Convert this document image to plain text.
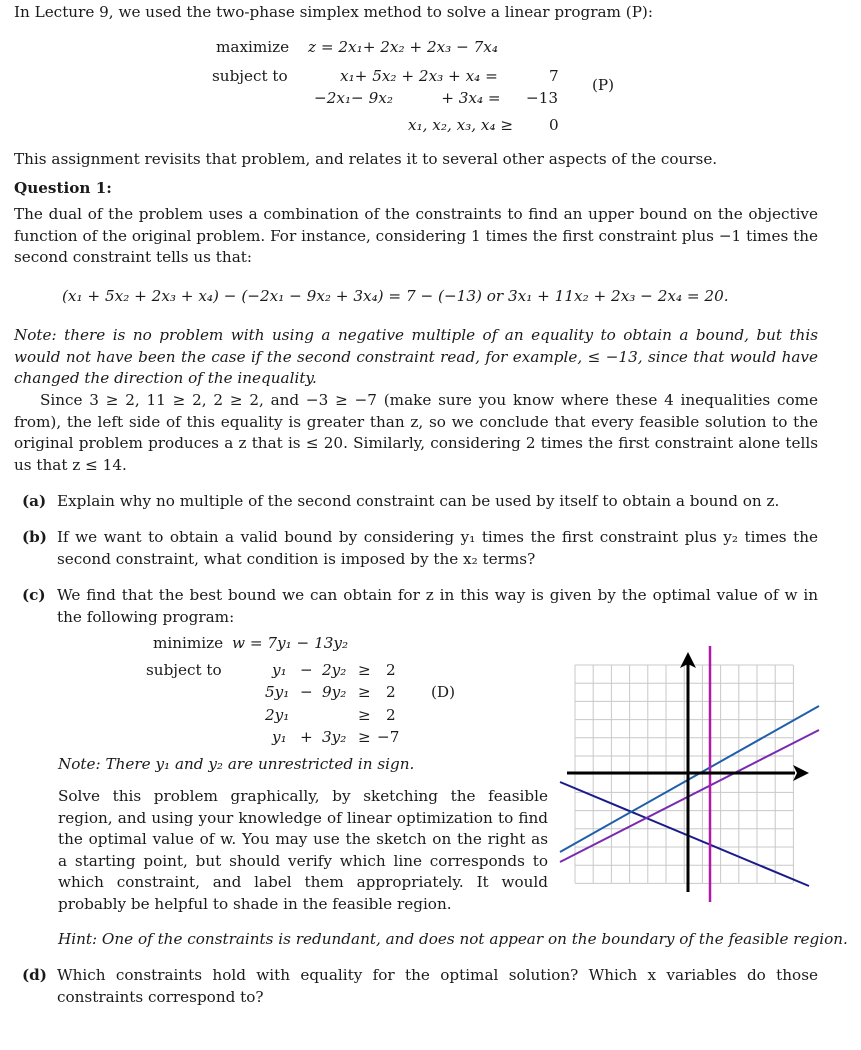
In Lecture 9, we used the two-phase simplex method to solve a linear program (P):

maximize z = 2x₁+ 2x₂ + 2x₃ − 7x₄
subject to	x₁+ 5x₂ + 2x₃ + x₄ =	7
−2x₁− 9x₂          + 3x₄ = −13
x₁, x₂, x₃, x₄ ≥ 0
(P)

This assignment revisits that problem, and relates it to several other aspects of the course.

Question 1:

The dual of the problem uses a combination of the constraints to find an upper bound on the objective function of the original problem. For instance, considering 1 times the first constraint plus −1 times the second constraint tells us that:

(x₁ + 5x₂ + 2x₃ + x₄) − (−2x₁ − 9x₂ + 3x₄) = 7 − (−13) or 3x₁ + 11x₂ + 2x₃ − 2x₄ = 20.

Note: there is no problem with using a negative multiple of an equality to obtain a bound, but this would not have been the case if the second constraint read, for example, ≤ −13, since that would have changed the direction of the inequality.

Since 3 ≥ 2, 11 ≥ 2, 2 ≥ 2, and −3 ≥ −7 (make sure you know where these 4 inequalities come from), the left side of this equality is greater than z, so we conclude that every feasible solution to the original problem produces a z that is ≤ 20. Similarly, considering 2 times the first constraint alone tells us that z ≤ 14.

(a) Explain why no multiple of the second constraint can be used by itself to obtain a bound on z.
(b) If we want to obtain a valid bound by considering y₁ times the first constraint plus y₂ times the second constraint, what condition is imposed by the x₂ terms?
(c) We find that the best bound we can obtain for z in this way is given by the optimal value of w in the following program:
minimize w = 7y₁ − 13y₂
subject to	y₁ − 2y₂ ≥ 2
5y₁ − 9y₂ ≥ 2
2y₁	≥ 2
y₁ + 3y₂ ≥ −7
(D)
Note: There y₁ and y₂ are unrestricted in sign.

Solve this problem graphically, by sketching the feasible region, and using your knowledge of linear optimization to find the optimal value of w. You may use the sketch on the right as a starting point, but should verify which line corresponds to which constraint, and label them appropriately. It would probably be helpful to shade in the feasible region.

Hint: One of the constraints is redundant, and does not appear on the boundary of the feasible region.
(d) Which constraints hold with equality for the optimal solution? Which x variables do those constraints correspond to?
